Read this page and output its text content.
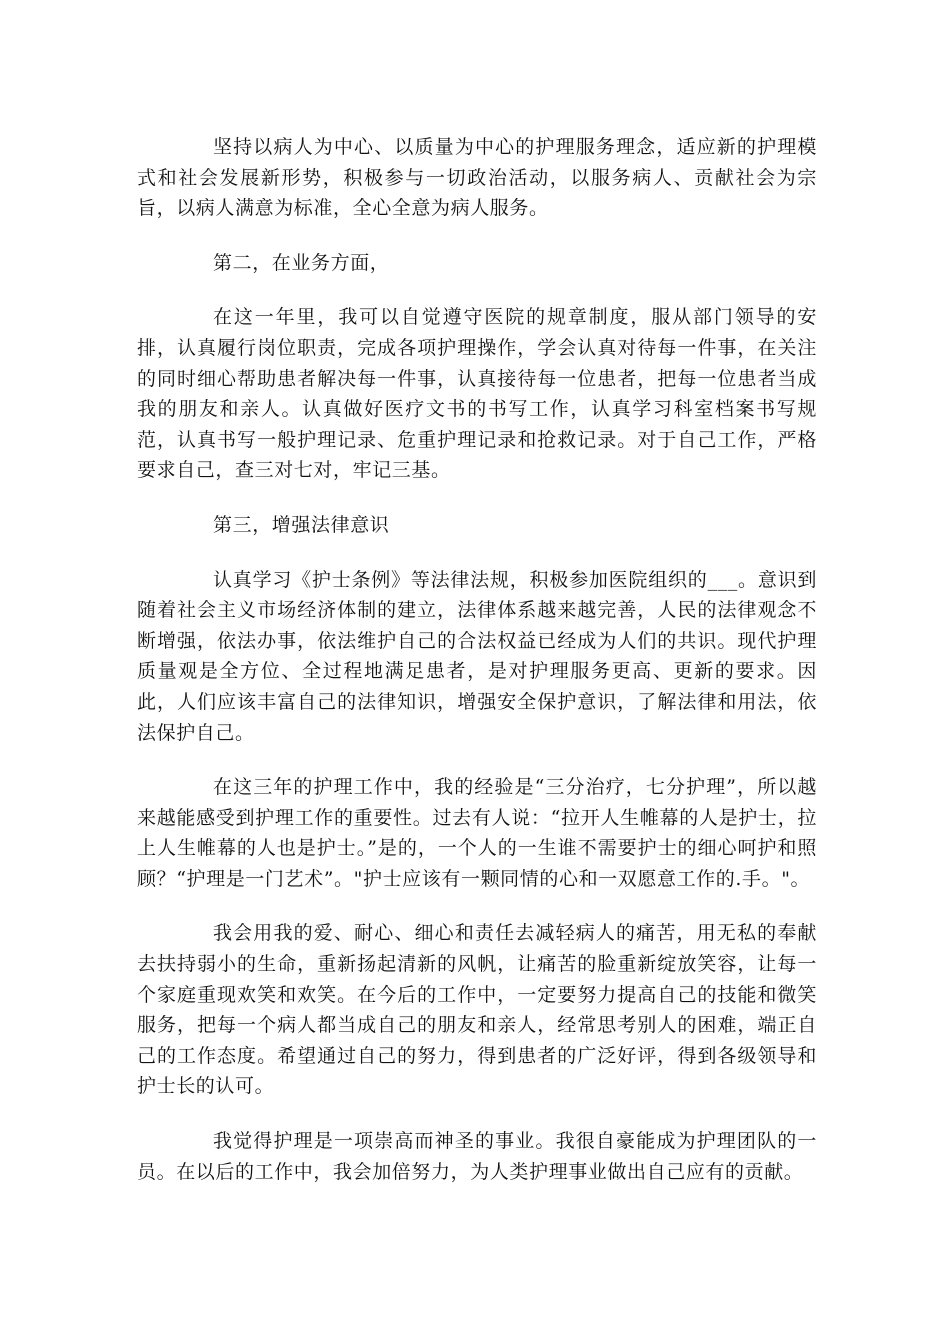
坚持以病人为中心、以质量为中心的护理服务理念，适应新的护理模式和社会发展新形势，积极参与一切政治活动，以服务病人、贡献社会为宗旨，以病人满意为标准，全心全意为病人服务。

第二，在业务方面，

在这一年里，我可以自觉遵守医院的规章制度，服从部门领导的安排，认真履行岗位职责，完成各项护理操作，学会认真对待每一件事，在关注的同时细心帮助患者解决每一件事，认真接待每一位患者，把每一位患者当成我的朋友和亲人。认真做好医疗文书的书写工作，认真学习科室档案书写规范，认真书写一般护理记录、危重护理记录和抢救记录。对于自己工作，严格要求自己，查三对七对，牢记三基。

第三，增强法律意识

认真学习《护士条例》等法律法规，积极参加医院组织的___。意识到随着社会主义市场经济体制的建立，法律体系越来越完善，人民的法律观念不断增强，依法办事，依法维护自己的合法权益已经成为人们的共识。现代护理质量观是全方位、全过程地满足患者，是对护理服务更高、更新的要求。因此，人们应该丰富自己的法律知识，增强安全保护意识，了解法律和用法，依法保护自己。

在这三年的护理工作中，我的经验是“三分治疗，七分护理”，所以越来越能感受到护理工作的重要性。过去有人说：“拉开人生帷幕的人是护士，拉上人生帷幕的人也是护士。”是的，一个人的一生谁不需要护士的细心呵护和照顾？“护理是一门艺术”。"护士应该有一颗同情的心和一双愿意工作的.手。"。

我会用我的爱、耐心、细心和责任去减轻病人的痛苦，用无私的奉献去扶持弱小的生命，重新扬起清新的风帆，让痛苦的脸重新绽放笑容，让每一个家庭重现欢笑和欢笑。在今后的工作中，一定要努力提高自己的技能和微笑服务，把每一个病人都当成自己的朋友和亲人，经常思考别人的困难，端正自己的工作态度。希望通过自己的努力，得到患者的广泛好评，得到各级领导和护士长的认可。

我觉得护理是一项崇高而神圣的事业。我很自豪能成为护理团队的一员。在以后的工作中，我会加倍努力，为人类护理事业做出自己应有的贡献。
